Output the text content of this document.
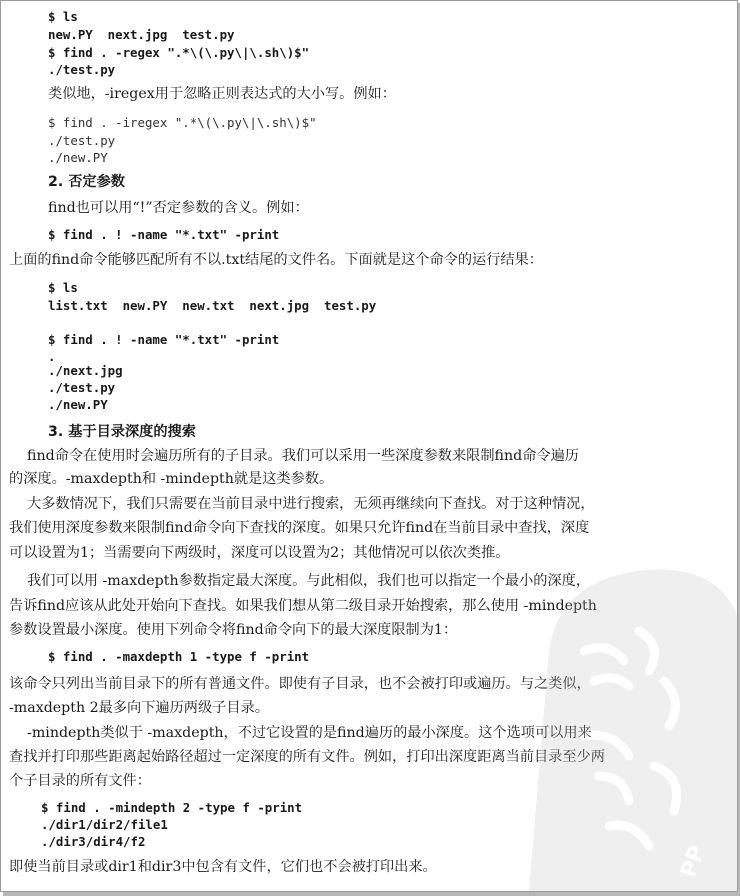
$ ls
new.PY  next.jpg  test.py
$ find . -regex ".*\(\.py\|\.sh\)$"
./test.py
类似地，-iregex用于忽略正则表达式的大小写。例如：
$ find . -iregex ".*\(\.py\|\.sh\)$"
./test.py
./new.PY
2. 否定参数
find也可以用“!”否定参数的含义。例如：
$ find . ! -name "*.txt" -print
上面的find命令能够匹配所有不以.txt结尾的文件名。下面就是这个命令的运行结果：
$ ls
list.txt  new.PY  new.txt  next.jpg  test.py
$ find . ! -name "*.txt" -print
.
./next.jpg
./test.py
./new.PY
3. 基于目录深度的搜索
find命令在使用时会遍历所有的子目录。我们可以采用一些深度参数来限制find命令遍历
的深度。-maxdepth和 -mindepth就是这类参数。
大多数情况下，我们只需要在当前目录中进行搜索，无须再继续向下查找。对于这种情况，
我们使用深度参数来限制find命令向下查找的深度。如果只允许find在当前目录中查找，深度
可以设置为1；当需要向下两级时，深度可以设置为2；其他情况可以依次类推。
我们可以用 -maxdepth参数指定最大深度。与此相似，我们也可以指定一个最小的深度，
告诉find应该从此处开始向下查找。如果我们想从第二级目录开始搜索，那么使用 -mindepth
参数设置最小深度。使用下列命令将find命令向下的最大深度限制为1：
$ find . -maxdepth 1 -type f -print
该命令只列出当前目录下的所有普通文件。即使有子目录，也不会被打印或遍历。与之类似，
-maxdepth 2最多向下遍历两级子目录。
-mindepth类似于 -maxdepth，不过它设置的是find遍历的最小深度。这个选项可以用来
查找并打印那些距离起始路径超过一定深度的所有文件。例如，打印出深度距离当前目录至少两
个子目录的所有文件：
$ find . -mindepth 2 -type f -print
./dir1/dir2/file1
./dir3/dir4/f2
即使当前目录或dir1和dir3中包含有文件，它们也不会被打印出来。	PP
